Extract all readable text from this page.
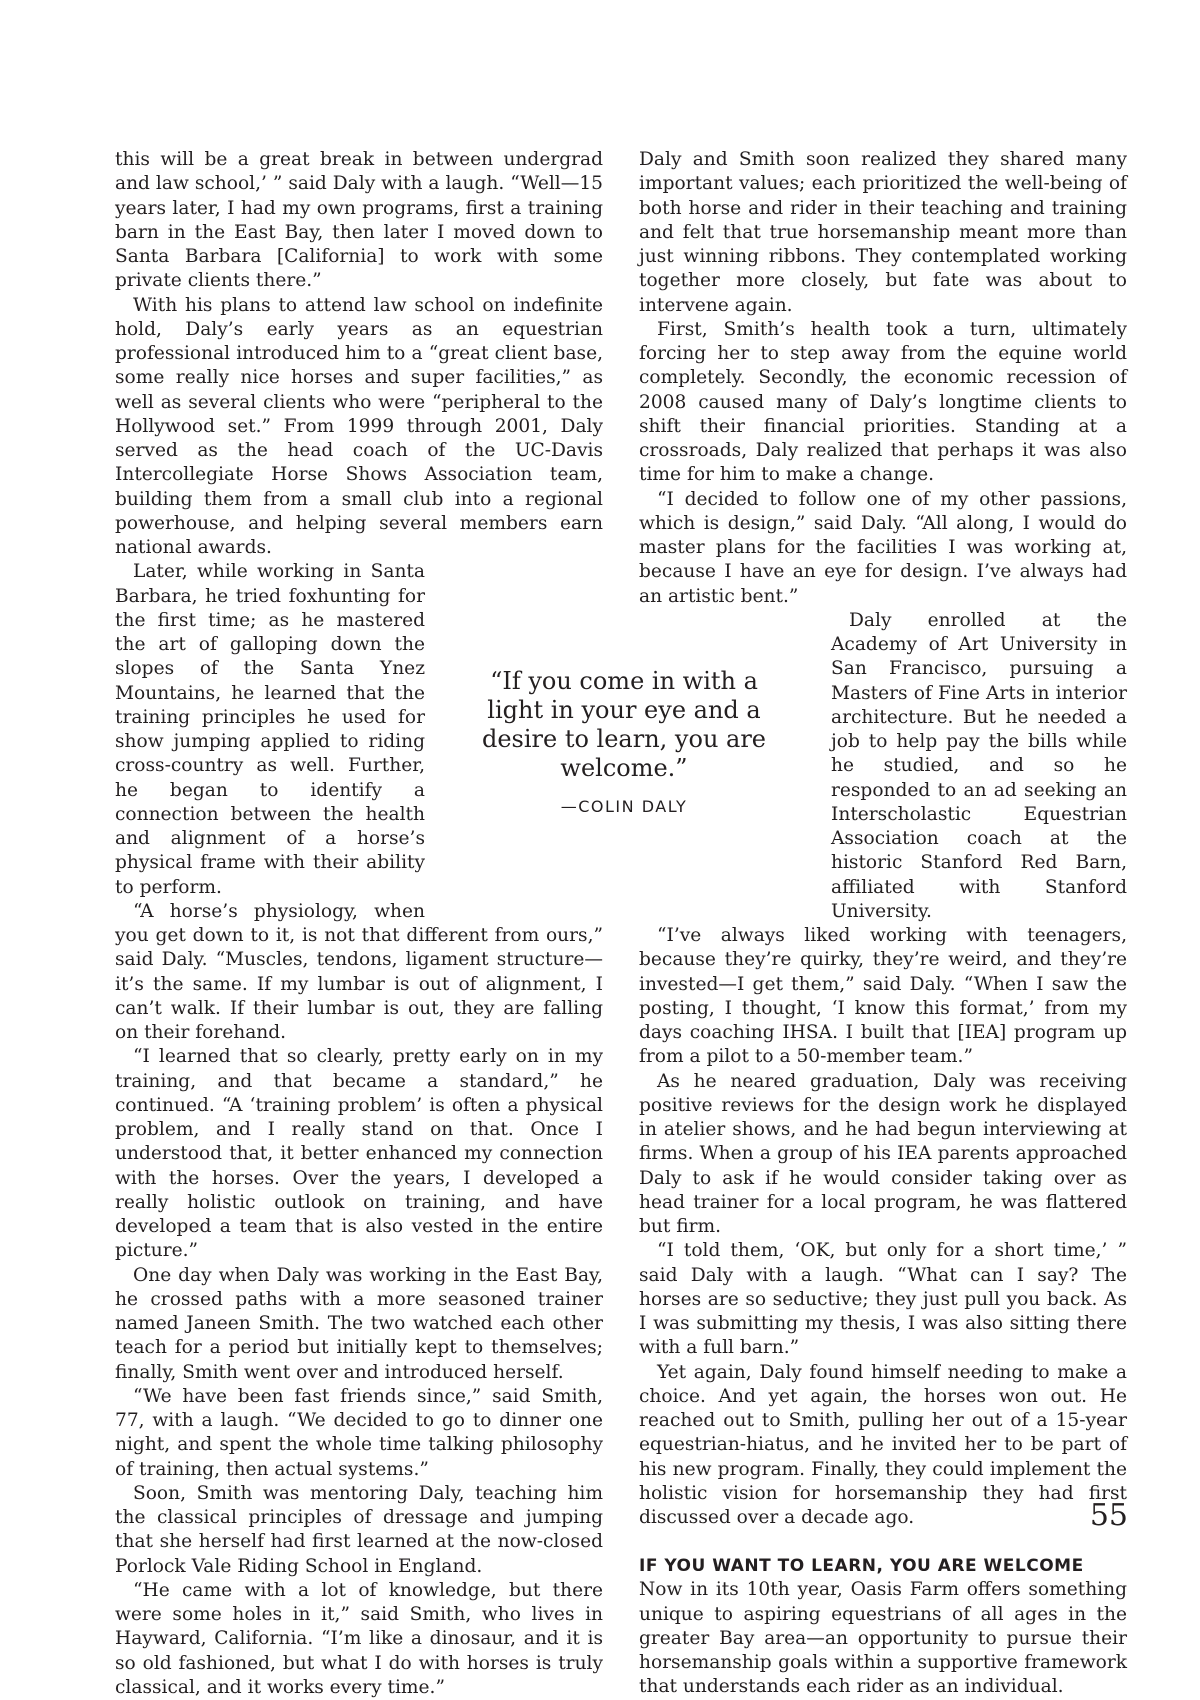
this will be a great break in between undergrad and law school,’ ” said Daly with a laugh. “Well—15 years later, I had my own programs, first a training barn in the East Bay, then later I moved down to Santa Barbara [California] to work with some private clients there.”

With his plans to attend law school on indefinite hold, Daly’s early years as an equestrian professional introduced him to a “great client base, some really nice horses and super facilities,” as well as several clients who were “peripheral to the Hollywood set.” From 1999 through 2001, Daly served as the head coach of the UC-Davis Intercollegiate Horse Shows Association team, building them from a small club into a regional powerhouse, and helping several members earn national awards.

Later, while working in Santa Barbara, he tried foxhunting for the first time; as he mastered the art of galloping down the slopes of the Santa Ynez Mountains, he learned that the training principles he used for show jumping applied to riding cross-country as well. Further, he began to identify a connection between the health and alignment of a horse’s physical frame with their ability to perform.

“A horse’s physiology, when you get down to it, is not that different from ours,” said Daly. “Muscles, tendons, ligament structure—it’s the same. If my lumbar is out of alignment, I can’t walk. If their lumbar is out, they are falling on their forehand.

“I learned that so clearly, pretty early on in my training, and that became a standard,” he continued. “A ‘training problem’ is often a physical problem, and I really stand on that. Once I understood that, it better enhanced my connection with the horses. Over the years, I developed a really holistic outlook on training, and have developed a team that is also vested in the entire picture.”

One day when Daly was working in the East Bay, he crossed paths with a more seasoned trainer named Janeen Smith. The two watched each other teach for a period but initially kept to themselves; finally, Smith went over and introduced herself.

“We have been fast friends since,” said Smith, 77, with a laugh. “We decided to go to dinner one night, and spent the whole time talking philosophy of training, then actual systems.”

Soon, Smith was mentoring Daly, teaching him the classical principles of dressage and jumping that she herself had first learned at the now-closed Porlock Vale Riding School in England.

“He came with a lot of knowledge, but there were some holes in it,” said Smith, who lives in Hayward, California. “I’m like a dinosaur, and it is so old fashioned, but what I do with horses is truly classical, and it works every time.”

Daly and Smith soon realized they shared many important values; each prioritized the well-being of both horse and rider in their teaching and training and felt that true horsemanship meant more than just winning ribbons. They contemplated working together more closely, but fate was about to intervene again.

First, Smith’s health took a turn, ultimately forcing her to step away from the equine world completely. Secondly, the economic recession of 2008 caused many of Daly’s longtime clients to shift their financial priorities. Standing at a crossroads, Daly realized that perhaps it was also time for him to make a change.

“I decided to follow one of my other passions, which is design,” said Daly. “All along, I would do master plans for the facilities I was working at, because I have an eye for design. I’ve always had an artistic bent.”

Daly enrolled at the Academy of Art University in San Francisco, pursuing a Masters of Fine Arts in interior architecture. But he needed a job to help pay the bills while he studied, and so he responded to an ad seeking an Interscholastic Equestrian Association coach at the historic Stanford Red Barn, affiliated with Stanford University.

“I’ve always liked working with teenagers, because they’re quirky, they’re weird, and they’re invested—I get them,” said Daly. “When I saw the posting, I thought, ‘I know this format,’ from my days coaching IHSA. I built that [IEA] program up from a pilot to a 50-member team.”

As he neared graduation, Daly was receiving positive reviews for the design work he displayed in atelier shows, and he had begun interviewing at firms. When a group of his IEA parents approached Daly to ask if he would consider taking over as head trainer for a local program, he was flattered but firm.

“I told them, ‘OK, but only for a short time,’ ” said Daly with a laugh. “What can I say? The horses are so seductive; they just pull you back. As I was submitting my thesis, I was also sitting there with a full barn.”

Yet again, Daly found himself needing to make a choice. And yet again, the horses won out. He reached out to Smith, pulling her out of a 15-year equestrian-hiatus, and he invited her to be part of his new program. Finally, they could implement the holistic vision for horsemanship they had first discussed over a decade ago.

IF YOU WANT TO LEARN, YOU ARE WELCOME

Now in its 10th year, Oasis Farm offers something unique to aspiring equestrians of all ages in the greater Bay area—an opportunity to pursue their horsemanship goals within a supportive framework that understands each rider as an individual.

“If you come in with a light in your eye and a desire to learn, you are welcome.”

—COLIN DALY
55
